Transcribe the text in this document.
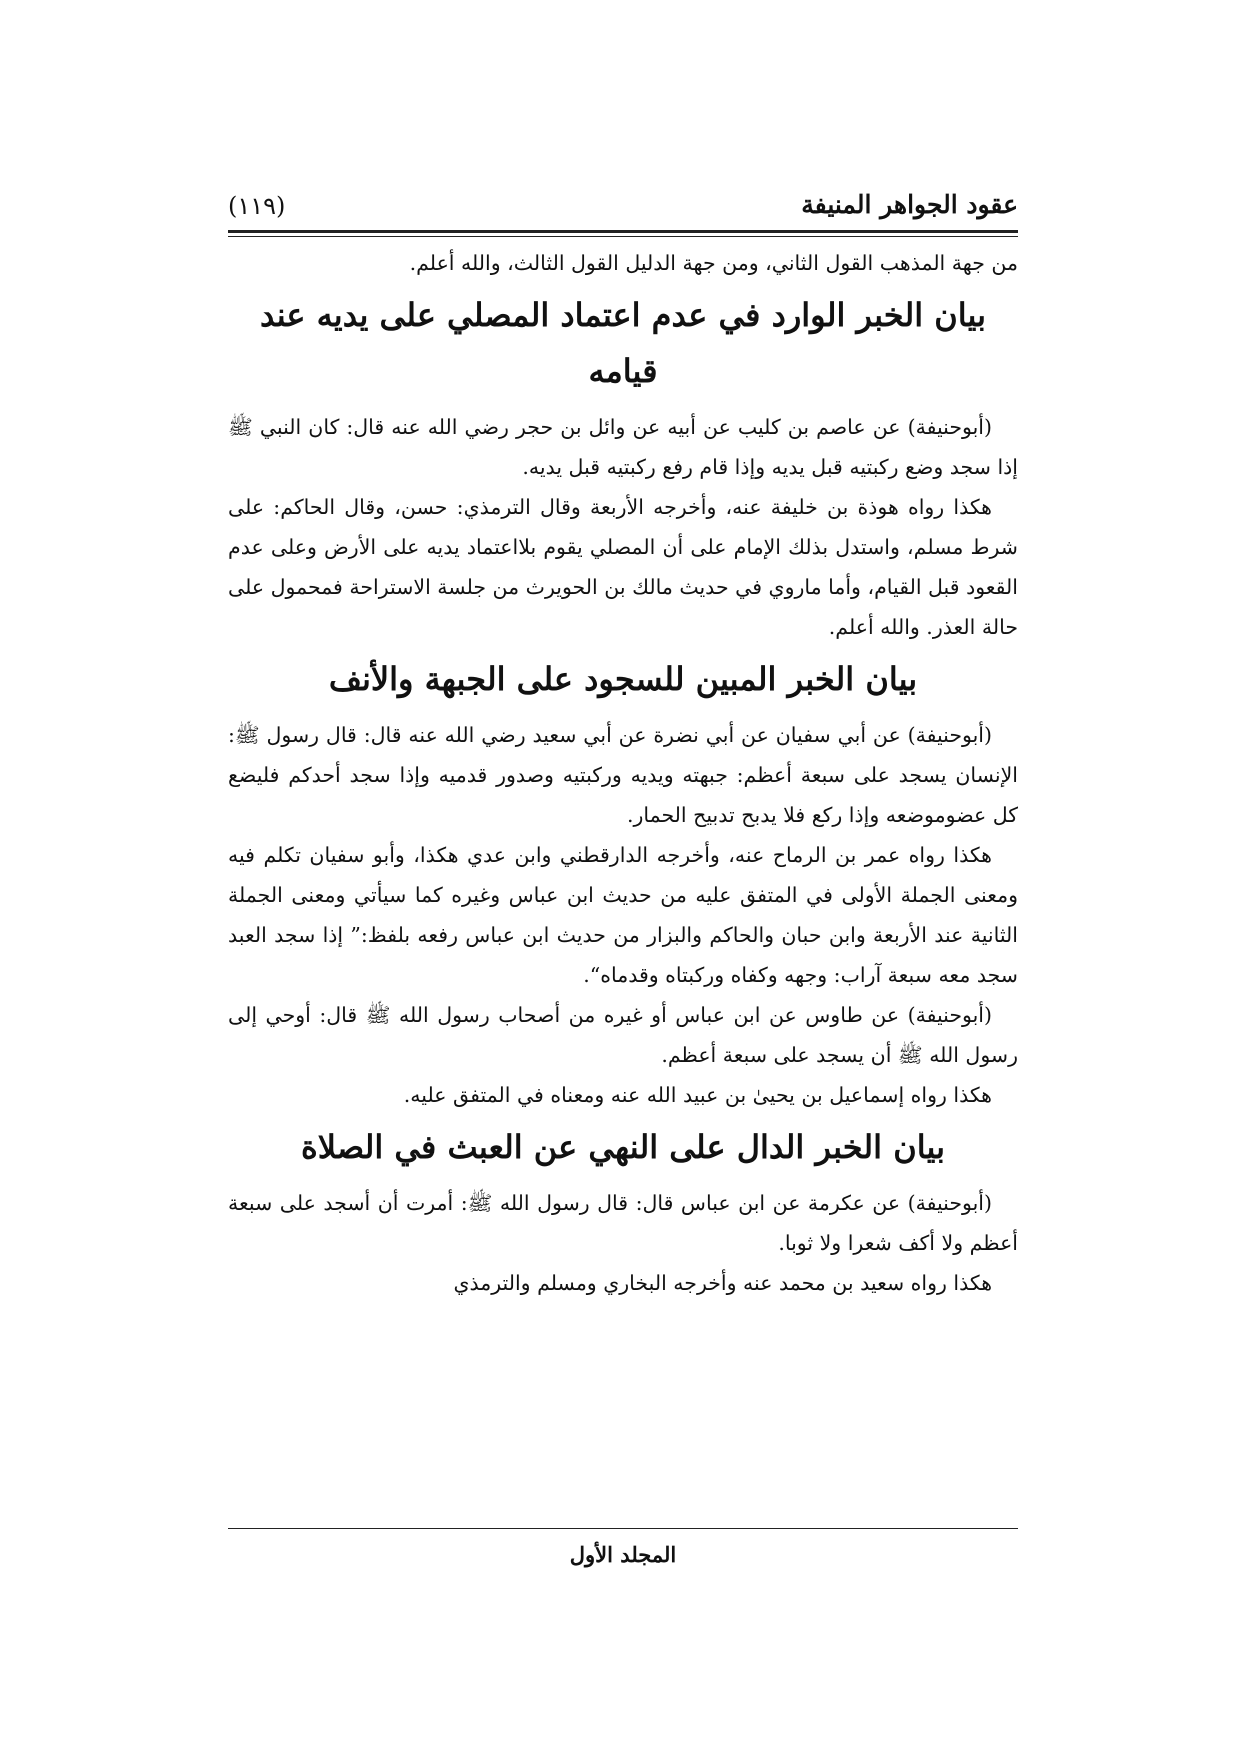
عقود الجواهر المنيفة
(١١٩)

من جهة المذهب القول الثاني، ومن جهة الدليل القول الثالث، والله أعلم.

بيان الخبر الوارد في عدم اعتماد المصلي على يديه عند قيامه

(أبوحنيفة) عن عاصم بن كليب عن أبيه عن وائل بن حجر رضي الله عنه قال: كان النبي ﷺ إذا سجد وضع ركبتيه قبل يديه وإذا قام رفع ركبتيه قبل يديه.

هكذا رواه هوذة بن خليفة عنه، وأخرجه الأربعة وقال الترمذي: حسن، وقال الحاكم: على شرط مسلم، واستدل بذلك الإمام على أن المصلي يقوم بلااعتماد يديه على الأرض وعلى عدم القعود قبل القيام، وأما ماروي في حديث مالك بن الحويرث من جلسة الاستراحة فمحمول على حالة العذر. والله أعلم.

بيان الخبر المبين للسجود على الجبهة والأنف

(أبوحنيفة) عن أبي سفيان عن أبي نضرة عن أبي سعيد رضي الله عنه قال: قال رسول ﷺ: الإنسان يسجد على سبعة أعظم: جبهته ويديه وركبتيه وصدور قدميه وإذا سجد أحدكم فليضع كل عضوموضعه وإذا ركع فلا يدبح تدبيح الحمار.

هكذا رواه عمر بن الرماح عنه، وأخرجه الدارقطني وابن عدي هكذا، وأبو سفيان تكلم فيه ومعنى الجملة الأولى في المتفق عليه من حديث ابن عباس وغيره كما سيأتي ومعنى الجملة الثانية عند الأربعة وابن حبان والحاكم والبزار من حديث ابن عباس رفعه بلفظ:” إذا سجد العبد سجد معه سبعة آراب: وجهه وكفاه وركبتاه وقدماه“.

(أبوحنيفة) عن طاوس عن ابن عباس أو غيره من أصحاب رسول الله ﷺ قال: أوحي إلى رسول الله ﷺ أن يسجد على سبعة أعظم.

هكذا رواه إسماعيل بن يحيىٰ بن عبيد الله عنه ومعناه في المتفق عليه.

بيان الخبر الدال على النهي عن العبث في الصلاة

(أبوحنيفة) عن عكرمة عن ابن عباس قال: قال رسول الله ﷺ: أمرت أن أسجد على سبعة أعظم ولا أكف شعرا ولا ثوبا.

هكذا رواه سعيد بن محمد عنه وأخرجه البخاري ومسلم والترمذي

المجلد الأول
